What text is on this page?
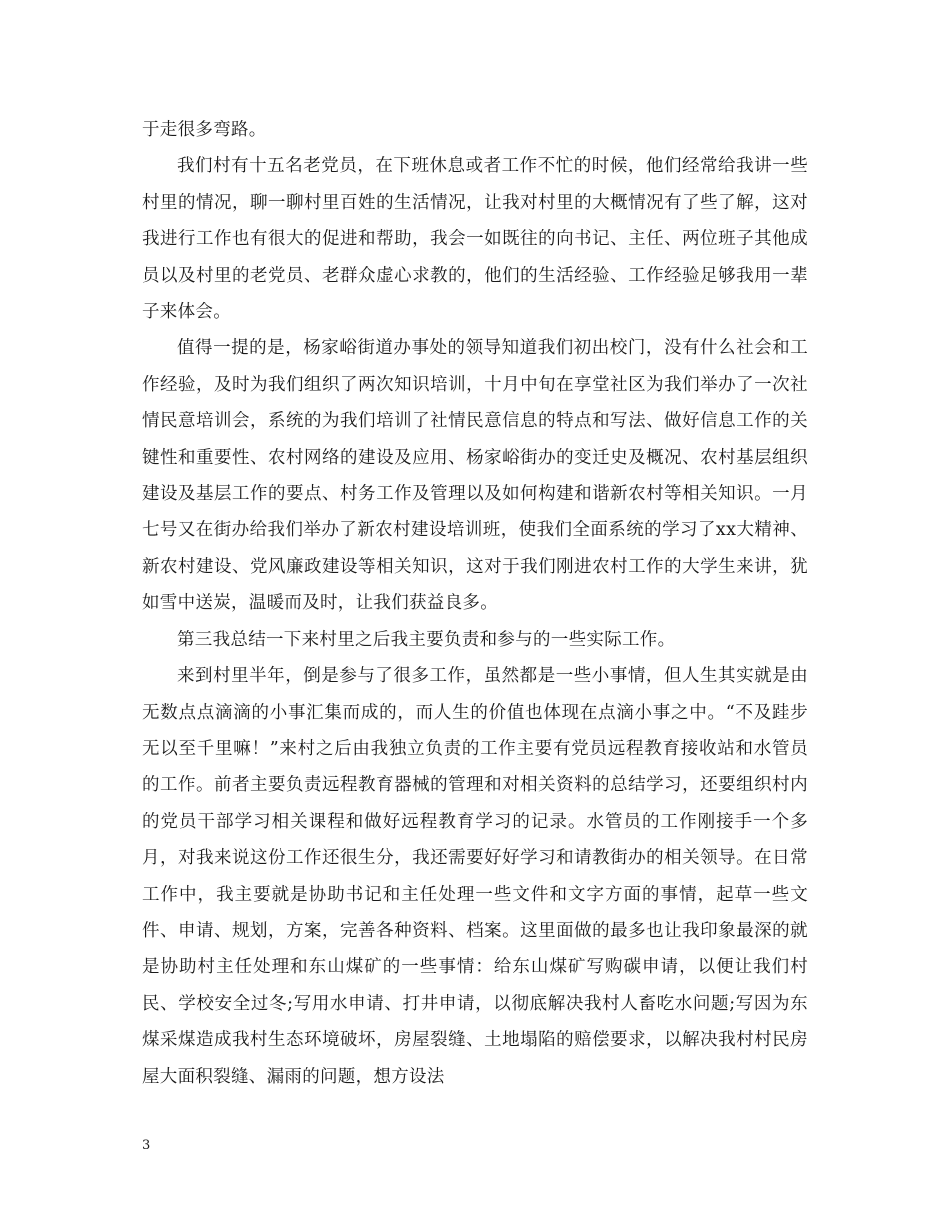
于走很多弯路。

我们村有十五名老党员，在下班休息或者工作不忙的时候，他们经常给我讲一些村里的情况，聊一聊村里百姓的生活情况，让我对村里的大概情况有了些了解，这对我进行工作也有很大的促进和帮助，我会一如既往的向书记、主任、两位班子其他成员以及村里的老党员、老群众虚心求教的，他们的生活经验、工作经验足够我用一辈子来体会。

值得一提的是，杨家峪街道办事处的领导知道我们初出校门，没有什么社会和工作经验，及时为我们组织了两次知识培训，十月中旬在享堂社区为我们举办了一次社情民意培训会，系统的为我们培训了社情民意信息的特点和写法、做好信息工作的关键性和重要性、农村网络的建设及应用、杨家峪街办的变迁史及概况、农村基层组织建设及基层工作的要点、村务工作及管理以及如何构建和谐新农村等相关知识。一月七号又在街办给我们举办了新农村建设培训班，使我们全面系统的学习了xx大精神、新农村建设、党风廉政建设等相关知识，这对于我们刚进农村工作的大学生来讲，犹如雪中送炭，温暖而及时，让我们获益良多。

第三我总结一下来村里之后我主要负责和参与的一些实际工作。

来到村里半年，倒是参与了很多工作，虽然都是一些小事情，但人生其实就是由无数点点滴滴的小事汇集而成的，而人生的价值也体现在点滴小事之中。“不及跬步无以至千里嘛！”来村之后由我独立负责的工作主要有党员远程教育接收站和水管员的工作。前者主要负责远程教育器械的管理和对相关资料的总结学习，还要组织村内的党员干部学习相关课程和做好远程教育学习的记录。水管员的工作刚接手一个多月，对我来说这份工作还很生分，我还需要好好学习和请教街办的相关领导。在日常工作中，我主要就是协助书记和主任处理一些文件和文字方面的事情，起草一些文件、申请、规划，方案，完善各种资料、档案。这里面做的最多也让我印象最深的就是协助村主任处理和东山煤矿的一些事情：给东山煤矿写购碳申请，以便让我们村民、学校安全过冬;写用水申请、打井申请，以彻底解决我村人畜吃水问题;写因为东煤采煤造成我村生态环境破坏，房屋裂缝、土地塌陷的赔偿要求，以解决我村村民房屋大面积裂缝、漏雨的问题，想方设法

3
